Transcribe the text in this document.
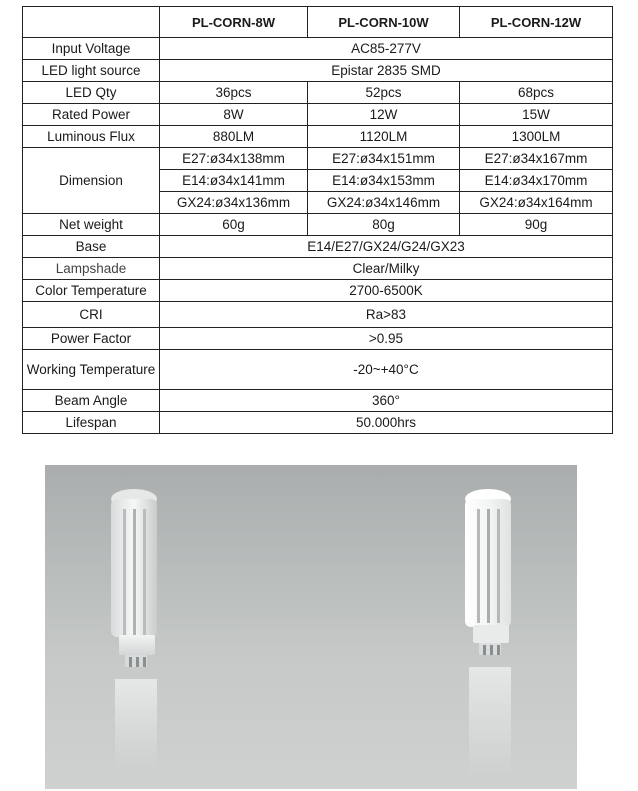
	PL-CORN-8W	PL-CORN-10W	PL-CORN-12W
Input Voltage	AC85-277V		
LED light source	Epistar 2835 SMD		
LED Qty	36pcs	52pcs	68pcs
Rated Power	8W	12W	15W
Luminous Flux	880LM	1120LM	1300LM
Dimension	E27:ø34x138mm	E27:ø34x151mm	E27:ø34x167mm
	E14:ø34x141mm	E14:ø34x153mm	E14:ø34x170mm
	GX24:ø34x136mm	GX24:ø34x146mm	GX24:ø34x164mm
Net weight	60g	80g	90g
Base	E14/E27/GX24/G24/GX23		
Lampshade	Clear/Milky		
Color Temperature	2700-6500K		
CRI	Ra>83		
Power Factor	>0.95		
Working Temperature	-20~+40°C		
Beam Angle	360°		
Lifespan	50.000hrs		
